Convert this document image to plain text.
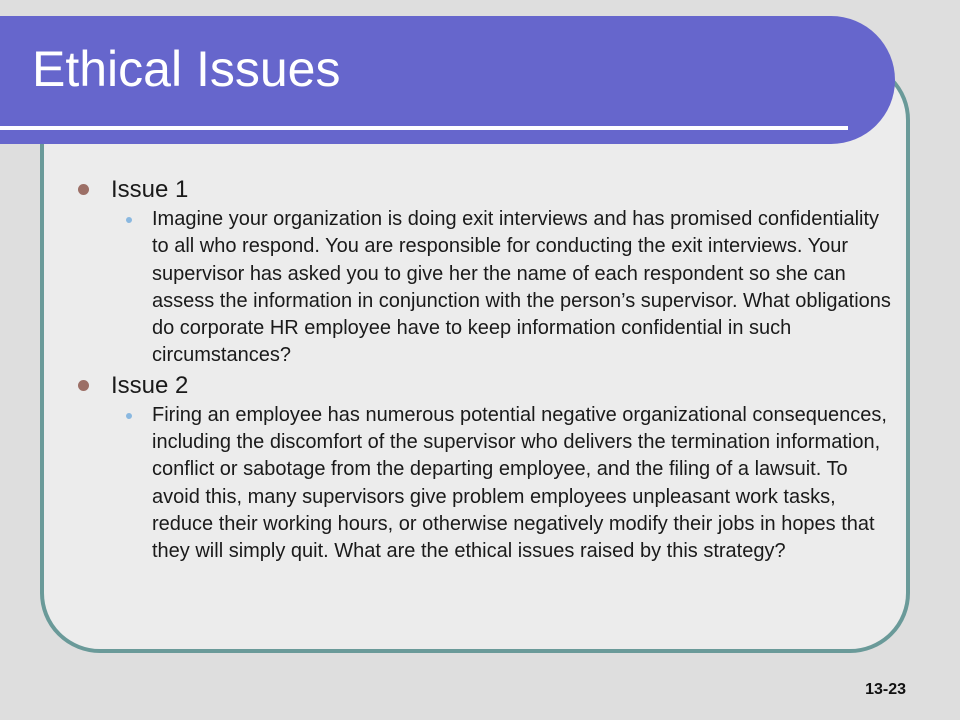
Ethical Issues
Issue 1
Imagine your organization is doing exit interviews and has promised confidentiality to all who respond. You are responsible for conducting the exit interviews. Your supervisor has asked you to give her the name of each respondent so she can assess the information in conjunction with the person’s supervisor. What obligations do corporate HR employee have to keep information confidential in such circumstances?
Issue 2
Firing an employee has numerous potential negative organizational consequences, including the discomfort of the supervisor who delivers the termination information, conflict or sabotage from the departing employee, and the filing of a lawsuit. To avoid this, many supervisors give problem employees unpleasant work tasks, reduce their working hours, or otherwise negatively modify their jobs in hopes that they will simply quit. What are the ethical issues raised by this strategy?
13-23
